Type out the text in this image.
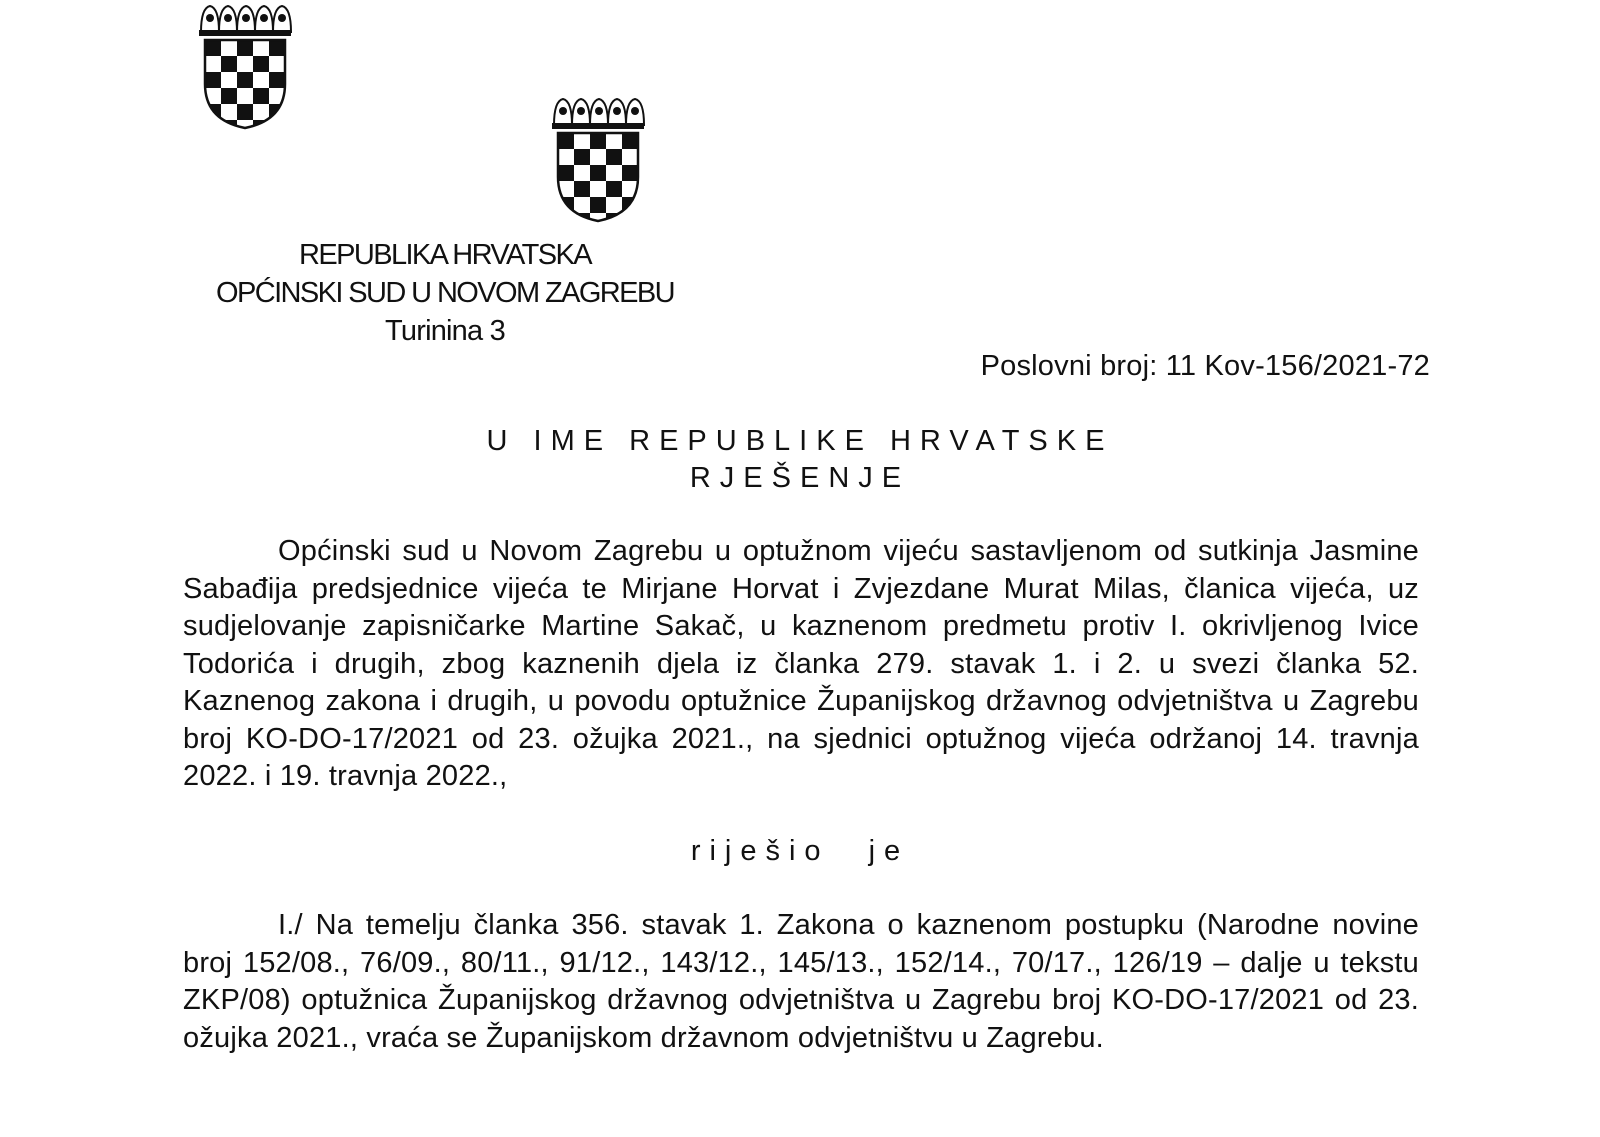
REPUBLIKA HRVATSKA
OPĆINSKI SUD U NOVOM ZAGREBU
Turinina 3
Poslovni broj: 11 Kov-156/2021-72
U IME REPUBLIKE HRVATSKE
RJEŠENJE
Općinski sud u Novom Zagrebu u optužnom vijeću sastavljenom od sutkinja Jasmine Sabađija predsjednice vijeća te Mirjane Horvat i Zvjezdane Murat Milas, članica vijeća, uz sudjelovanje zapisničarke Martine Sakač, u kaznenom predmetu protiv I. okrivljenog Ivice Todorića i drugih, zbog kaznenih djela iz članka 279. stavak 1. i 2. u svezi članka 52. Kaznenog zakona i drugih, u povodu optužnice Županijskog državnog odvjetništva u Zagrebu broj KO-DO-17/2021 od 23. ožujka 2021., na sjednici optužnog vijeća održanoj 14. travnja 2022. i 19. travnja 2022.,
riješio je
I./ Na temelju članka 356. stavak 1. Zakona o kaznenom postupku (Narodne novine broj 152/08., 76/09., 80/11., 91/12., 143/12., 145/13., 152/14., 70/17., 126/19 – dalje u tekstu ZKP/08) optužnica Županijskog državnog odvjetništva u Zagrebu broj KO-DO-17/2021 od 23. ožujka 2021., vraća se Županijskom državnom odvjetništvu u Zagrebu.
